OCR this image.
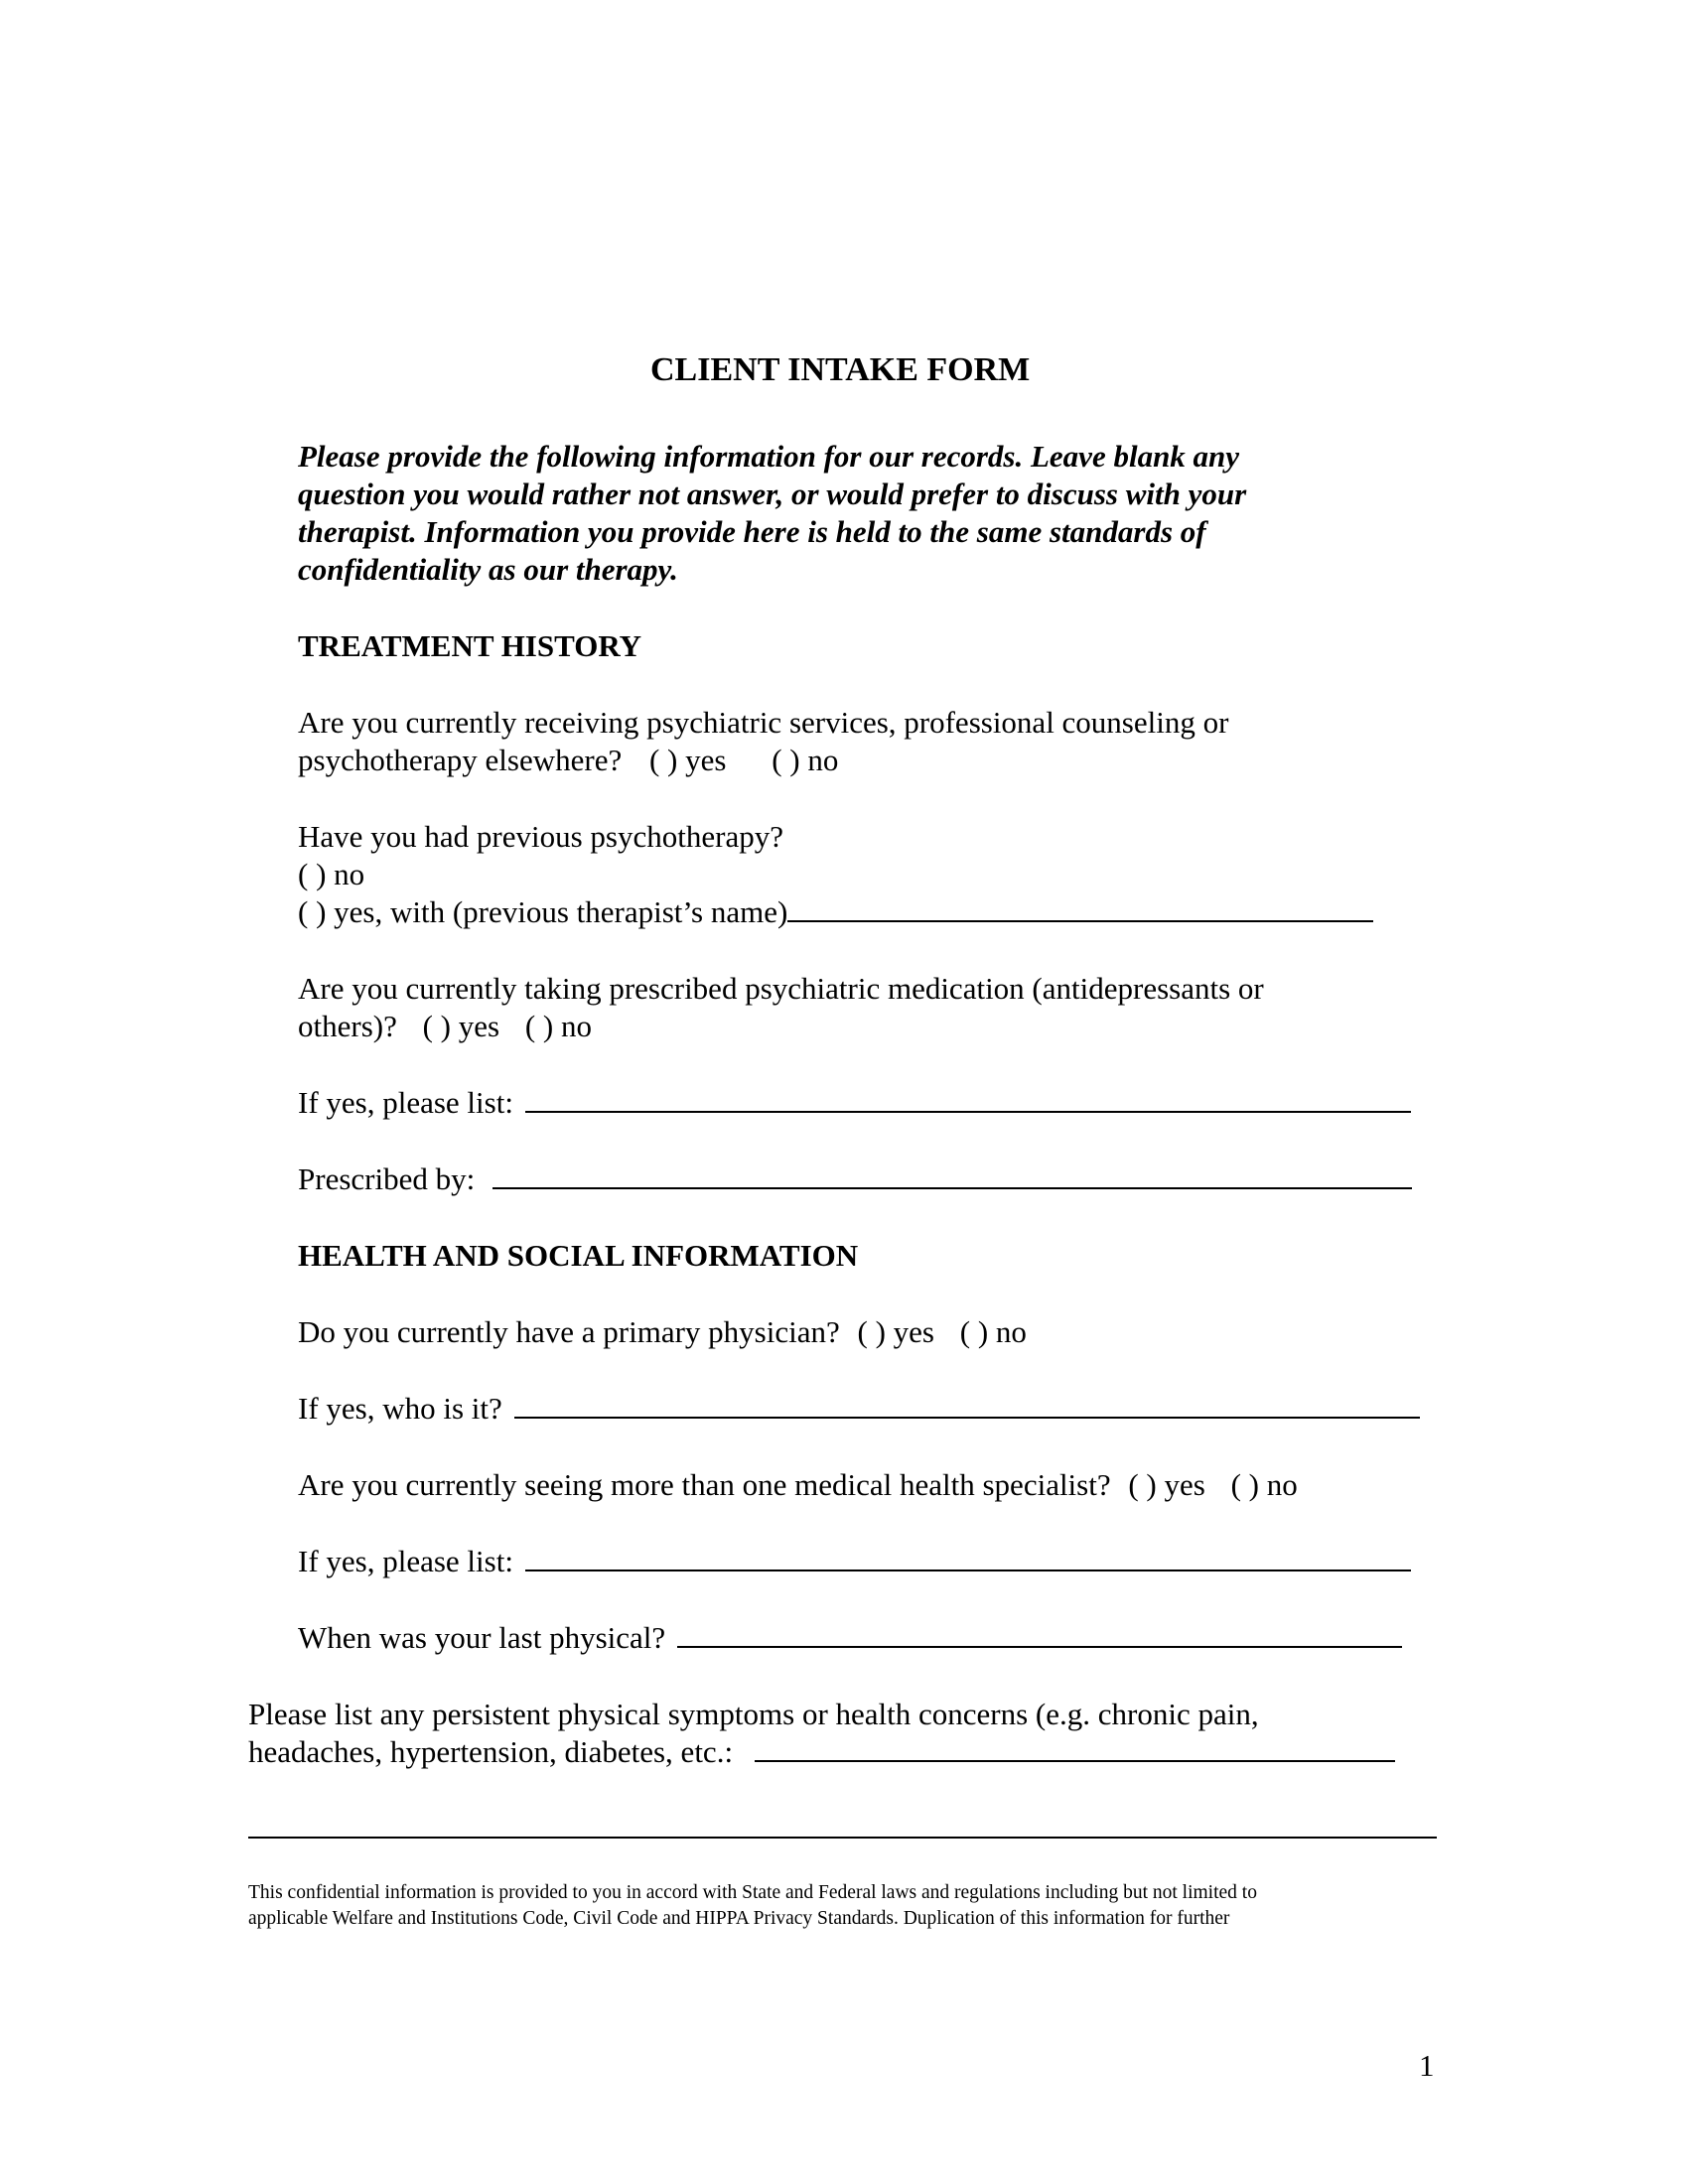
CLIENT INTAKE FORM
Please provide the following information for our records. Leave blank any
question you would rather not answer, or would prefer to discuss with your
therapist. Information you provide here is held to the same standards of
confidentiality as our therapy.
TREATMENT HISTORY
Are you currently receiving psychiatric services, professional counseling or
psychotherapy elsewhere? ( ) yes ( ) no
Have you had previous psychotherapy?
( ) no
( ) yes, with (previous therapist’s name)
Are you currently taking prescribed psychiatric medication (antidepressants or
others)? ( ) yes ( ) no
If yes, please list:
Prescribed by:
HEALTH AND SOCIAL INFORMATION
Do you currently have a primary physician? ( ) yes ( ) no
If yes, who is it?
Are you currently seeing more than one medical health specialist? ( ) yes ( ) no
If yes, please list:
When was your last physical?
Please list any persistent physical symptoms or health concerns (e.g. chronic pain,
headaches, hypertension, diabetes, etc.:
This confidential information is provided to you in accord with State and Federal laws and regulations including but not limited to
applicable Welfare and Institutions Code, Civil Code and HIPPA Privacy Standards. Duplication of this information for further
1
